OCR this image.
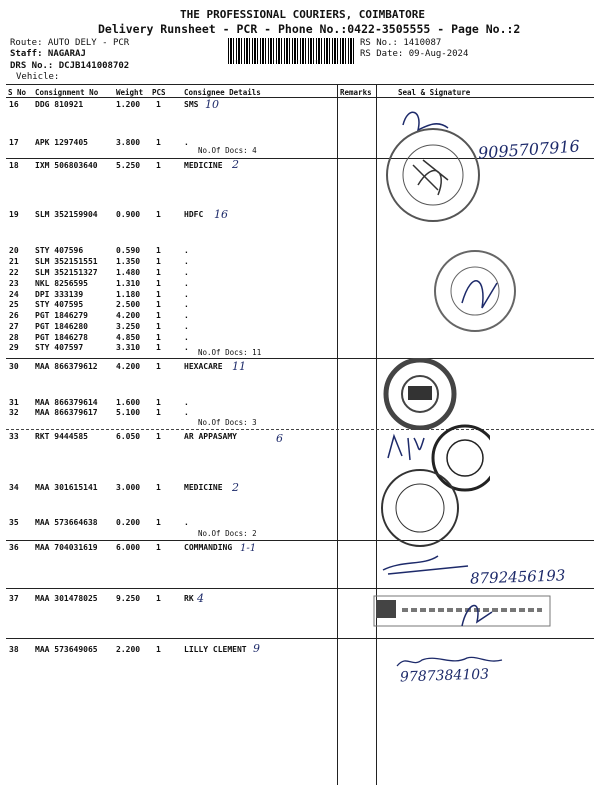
THE PROFESSIONAL COURIERS, COIMBATORE
Delivery Runsheet - PCR - Phone No.:0422-3505555 - Page No.:2
Route: AUTO DELY - PCR
Staff: NAGARAJ
DRS No.: DCJB141008702
Vehicle:
RS No.: 1410087
RS Date: 09-Aug-2024
S No Consignment No Weight PCS Consignee Details	Remarks	Seal & Signature
16 DDG 810921	1.200 1	SMS
17 APK 1297405	3.800 1	.
18 IXM 506803640 5.250 1	MEDICINE
19 SLM 352159904 0.900 1	HDFC
20 STY 407596	0.590 1	.
21 SLM 352151551 1.350 1	.
22 SLM 352151327 1.480 1	.
23 NKL 8256595	1.310 1	.
24 DPI 333139	1.180 1	.
25 STY 407595	2.500 1	.
26 PGT 1846279	4.200 1	.
27 PGT 1846280	3.250 1	.
28 PGT 1846278	4.850 1	.
29 STY 407597	3.310 1	.
30 MAA 866379612 4.200 1	HEXACARE
31 MAA 866379614 1.600 1	.
32 MAA 866379617 5.100 1	.
33 RKT 9444585	6.050 1	AR APPASAMY
34 MAA 301615141 3.000 1	MEDICINE
35 MAA 573664638 0.200 1	.
36 MAA 704031619 6.000 1	COMMANDING
37 MAA 301478025 9.250 1	RK
38 MAA 573649065 2.200 1	LILLY CLEMENT
No.Of Docs: 4
No.Of Docs: 11
No.Of Docs: 3
No.Of Docs: 2
10
2
16
11
6
2
1-1
4
9
9095707916
8792456193
9787384103
